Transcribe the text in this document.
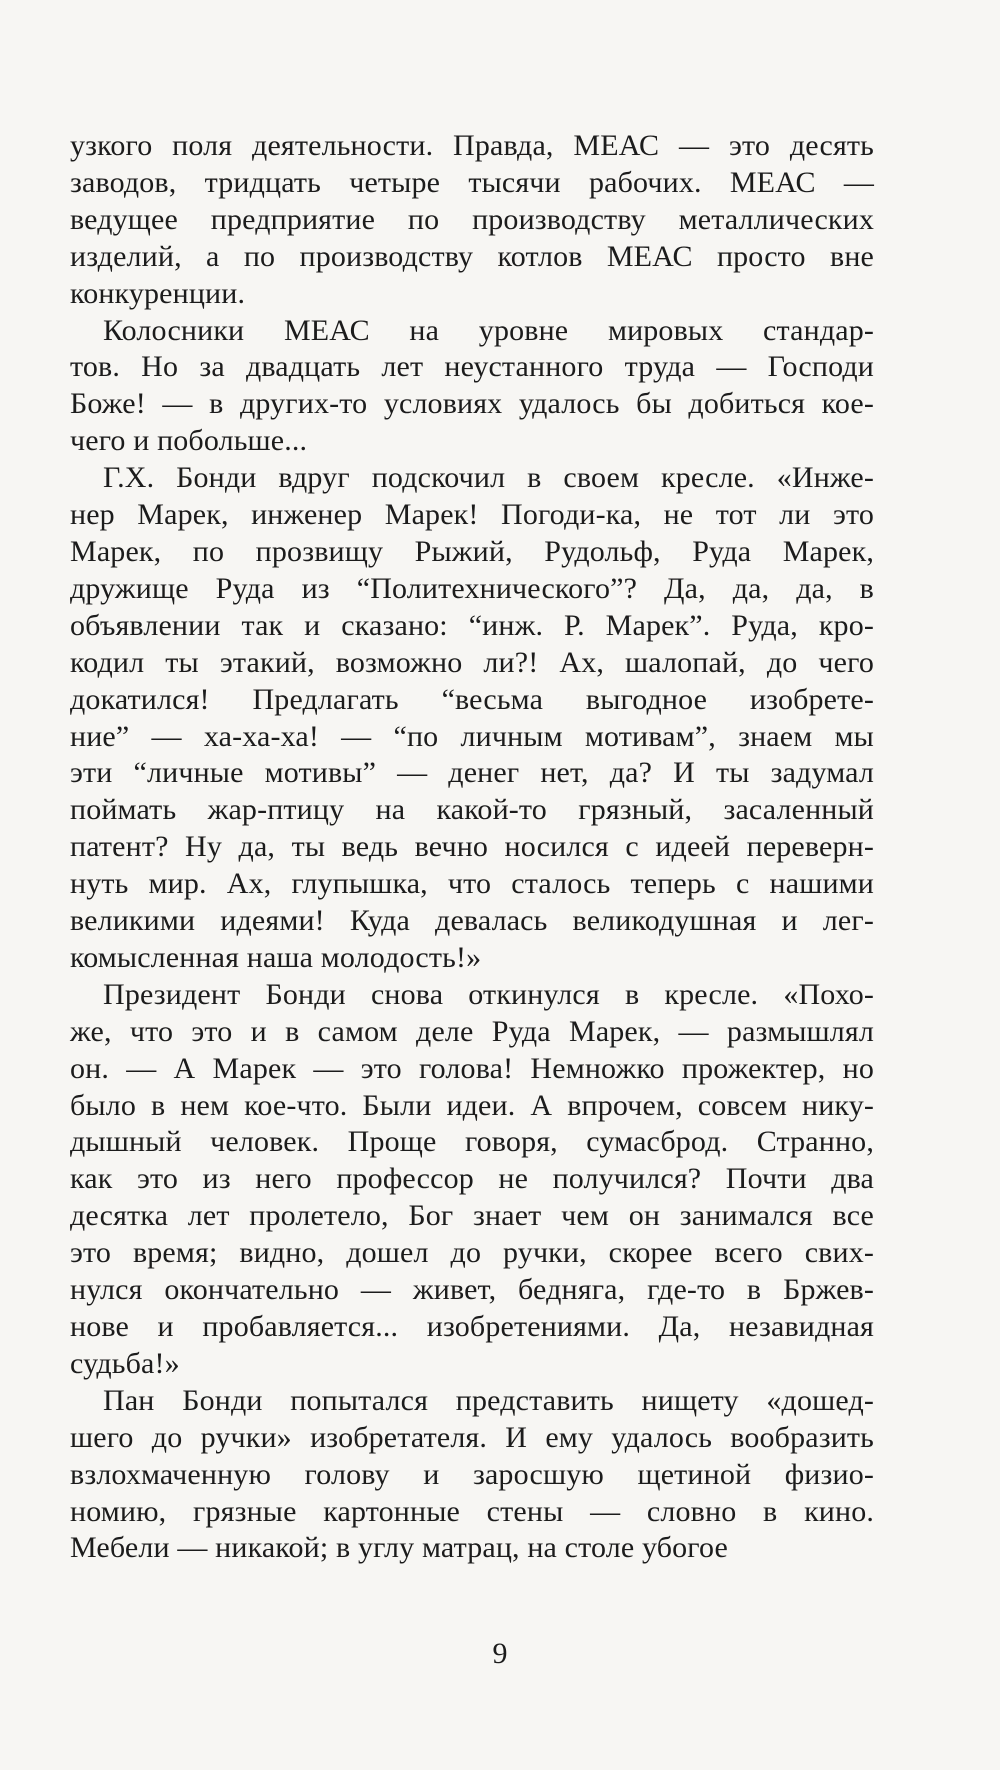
узкого поля деятельности. Правда, МЕАС — это десять
заводов, тридцать четыре тысячи рабочих. МЕАС —
ведущее предприятие по производству металлических
изделий, а по производству котлов МЕАС просто вне
конкуренции.
Колосники МЕАС на уровне мировых стандар-
тов. Но за двадцать лет неустанного труда — Господи
Боже! — в других-то условиях удалось бы добиться кое-
чего и побольше...
Г.Х. Бонди вдруг подскочил в своем кресле. «Инже-
нер Марек, инженер Марек! Погоди-ка, не тот ли это
Марек, по прозвищу Рыжий, Рудольф, Руда Марек,
дружище Руда из “Политехнического”? Да, да, да, в
объявлении так и сказано: “инж. Р. Марек”. Руда, кро-
кодил ты этакий, возможно ли?! Ах, шалопай, до чего
докатился! Предлагать “весьма выгодное изобрете-
ние” — ха-ха-ха! — “по личным мотивам”, знаем мы
эти “личные мотивы” — денег нет, да? И ты задумал
поймать жар-птицу на какой-то грязный, засаленный
патент? Ну да, ты ведь вечно носился с идеей переверн-
нуть мир. Ах, глупышка, что сталось теперь с нашими
великими идеями! Куда девалась великодушная и лег-
комысленная наша молодость!»
Президент Бонди снова откинулся в кресле. «Похо-
же, что это и в самом деле Руда Марек, — размышлял
он. — А Марек — это голова! Немножко прожектер, но
было в нем кое-что. Были идеи. А впрочем, совсем нику-
дышный человек. Проще говоря, сумасброд. Странно,
как это из него профессор не получился? Почти два
десятка лет пролетело, Бог знает чем он занимался все
это время; видно, дошел до ручки, скорее всего свих-
нулся окончательно — живет, бедняга, где-то в Бржев-
нове и пробавляется... изобретениями. Да, незавидная
судьба!»
Пан Бонди попытался представить нищету «дошед-
шего до ручки» изобретателя. И ему удалось вообразить
взлохмаченную голову и заросшую щетиной физио-
номию, грязные картонные стены — словно в кино.
Мебели — никакой; в углу матрац, на столе убогое
9
